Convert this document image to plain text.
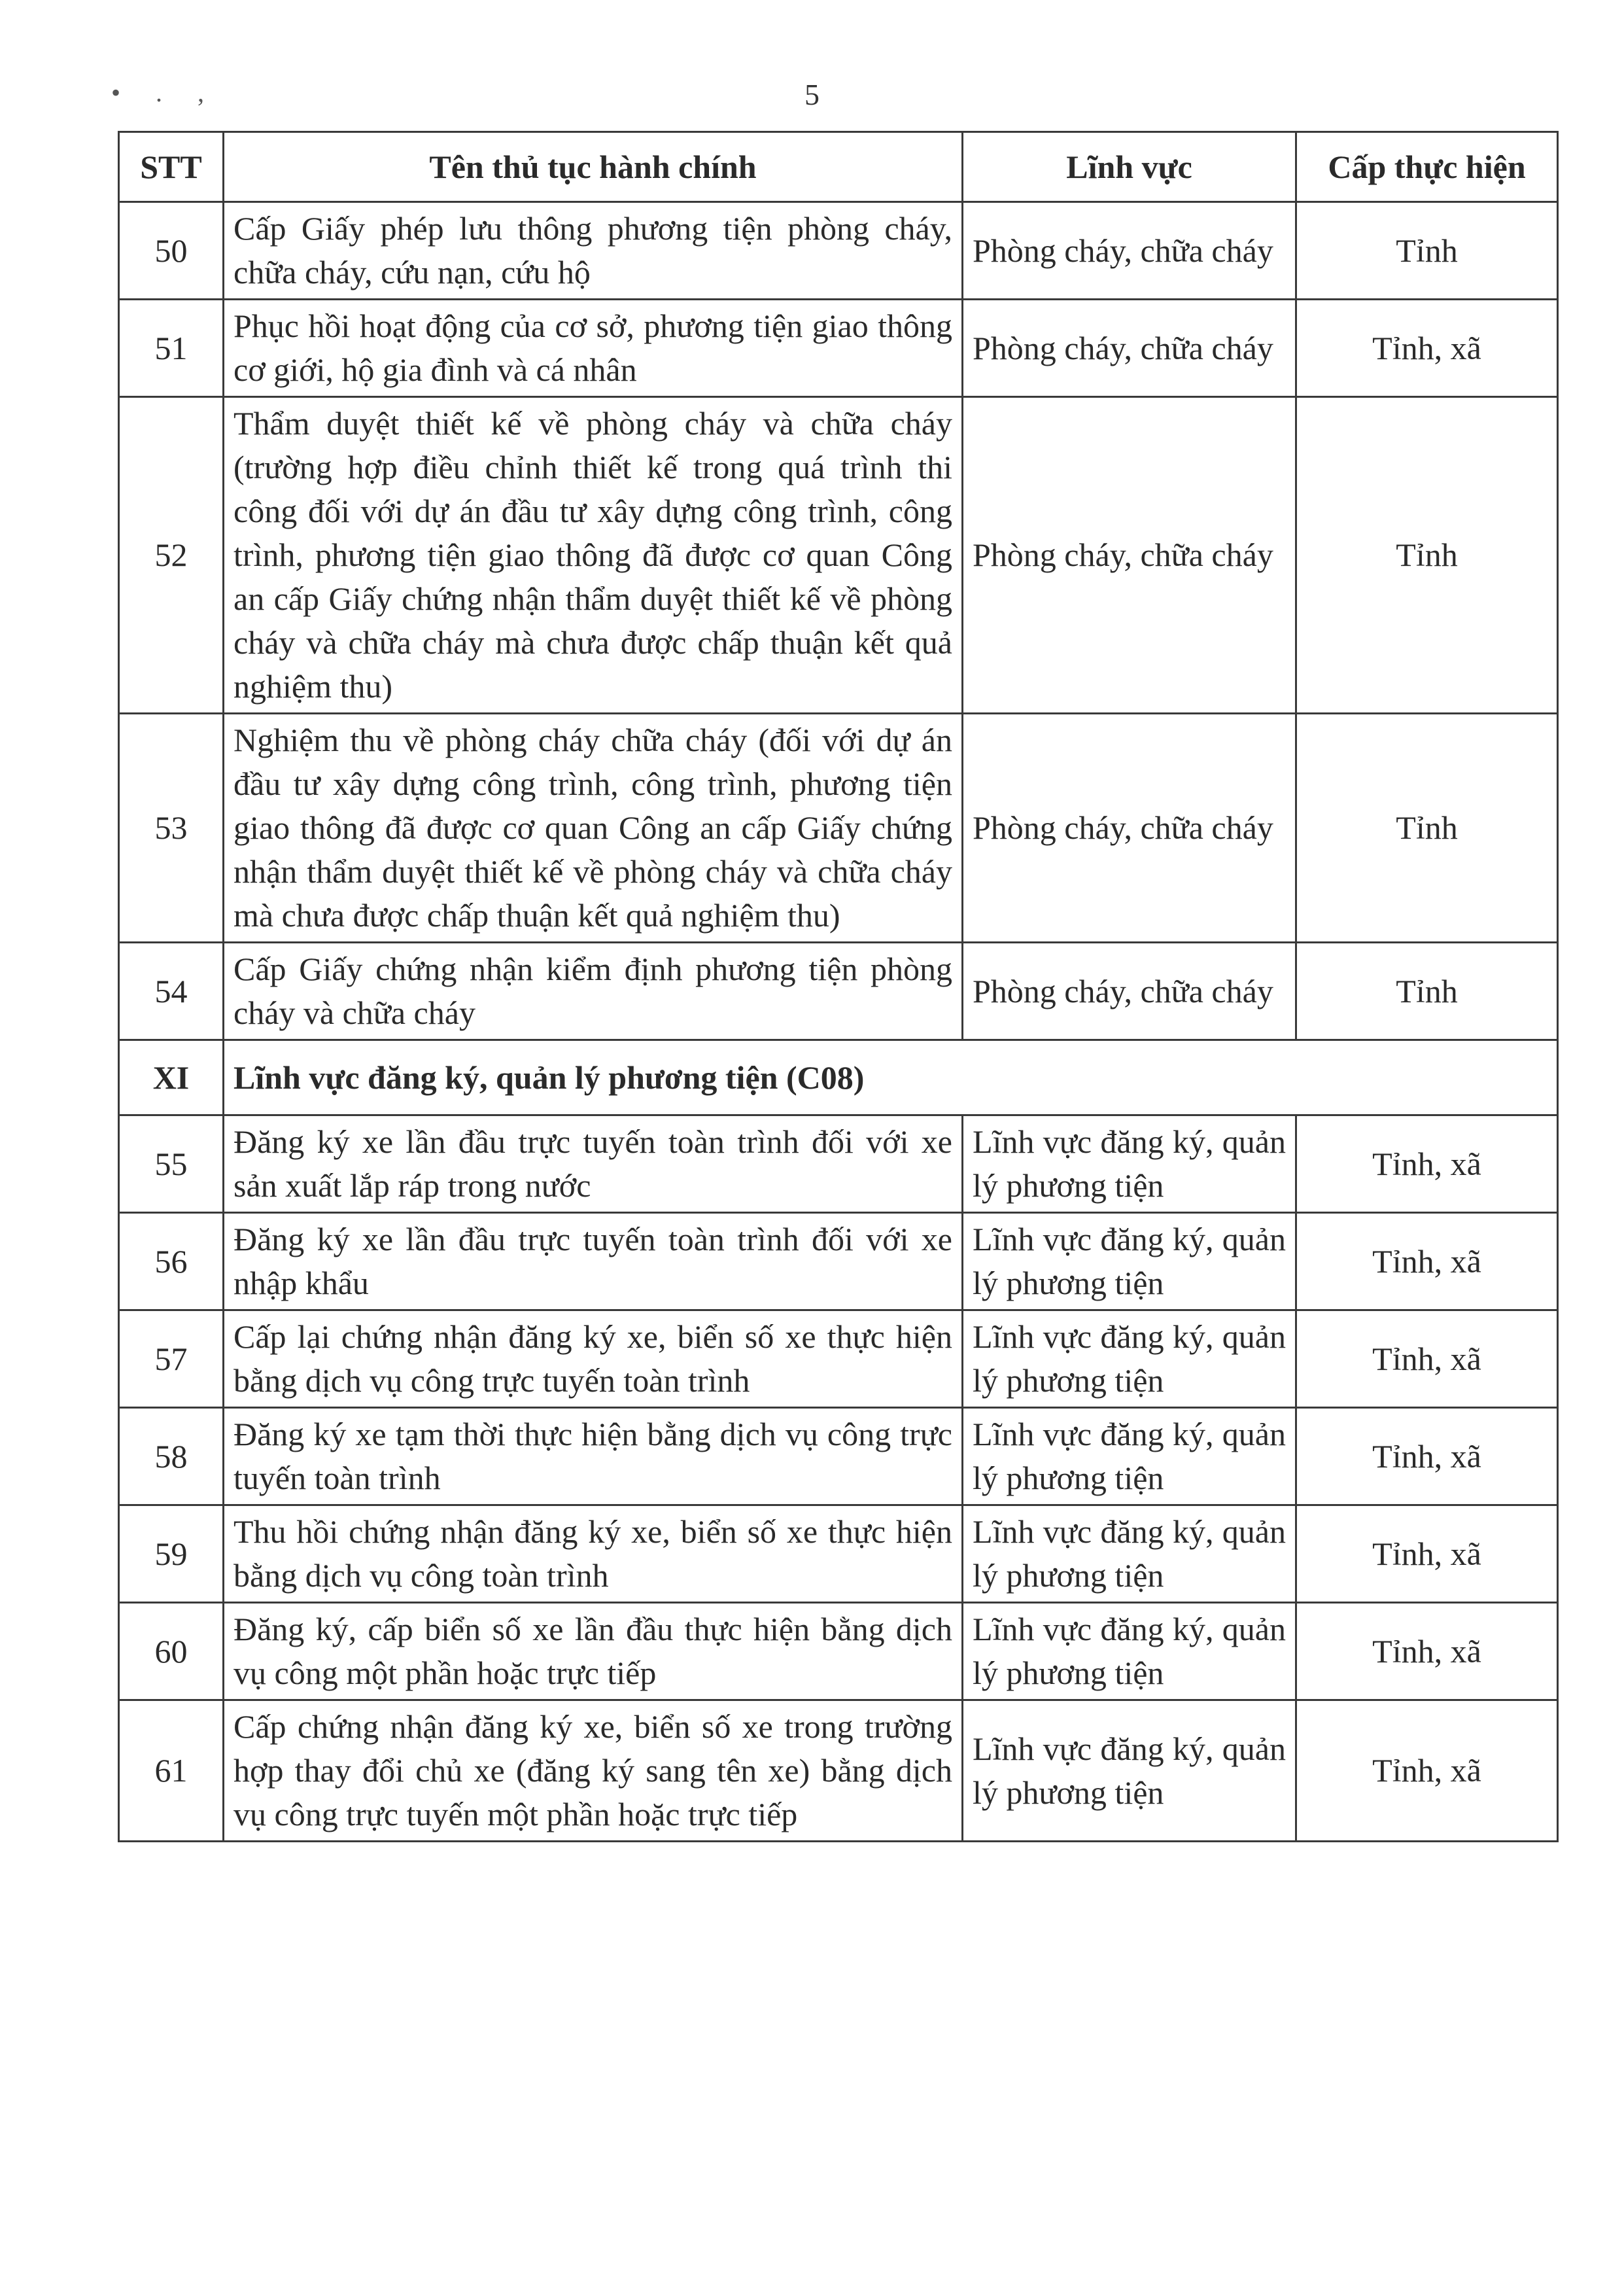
• . ,	5
STT	Tên thủ tục hành chính	Lĩnh vực	Cấp thực hiện
50	Cấp Giấy phép lưu thông phương tiện phòng cháy, chữa cháy, cứu nạn, cứu hộ	Phòng cháy, chữa cháy	Tỉnh
51	Phục hồi hoạt động của cơ sở, phương tiện giao thông cơ giới, hộ gia đình và cá nhân	Phòng cháy, chữa cháy	Tỉnh, xã
52	Thẩm duyệt thiết kế về phòng cháy và chữa cháy (trường hợp điều chỉnh thiết kế trong quá trình thi công đối với dự án đầu tư xây dựng công trình, công trình, phương tiện giao thông đã được cơ quan Công an cấp Giấy chứng nhận thẩm duyệt thiết kế về phòng cháy và chữa cháy mà chưa được chấp thuận kết quả nghiệm thu)	Phòng cháy, chữa cháy	Tỉnh
53	Nghiệm thu về phòng cháy chữa cháy (đối với dự án đầu tư xây dựng công trình, công trình, phương tiện giao thông đã được cơ quan Công an cấp Giấy chứng nhận thẩm duyệt thiết kế về phòng cháy và chữa cháy mà chưa được chấp thuận kết quả nghiệm thu)	Phòng cháy, chữa cháy	Tỉnh
54	Cấp Giấy chứng nhận kiểm định phương tiện phòng cháy và chữa cháy	Phòng cháy, chữa cháy	Tỉnh
XI	Lĩnh vực đăng ký, quản lý phương tiện (C08)		
55	Đăng ký xe lần đầu trực tuyến toàn trình đối với xe sản xuất lắp ráp trong nước	Lĩnh vực đăng ký, quản lý phương tiện	Tỉnh, xã
56	Đăng ký xe lần đầu trực tuyến toàn trình đối với xe nhập khẩu	Lĩnh vực đăng ký, quản lý phương tiện	Tỉnh, xã
57	Cấp lại chứng nhận đăng ký xe, biển số xe thực hiện bằng dịch vụ công trực tuyến toàn trình	Lĩnh vực đăng ký, quản lý phương tiện	Tỉnh, xã
58	Đăng ký xe tạm thời thực hiện bằng dịch vụ công trực tuyến toàn trình	Lĩnh vực đăng ký, quản lý phương tiện	Tỉnh, xã
59	Thu hồi chứng nhận đăng ký xe, biển số xe thực hiện bằng dịch vụ công toàn trình	Lĩnh vực đăng ký, quản lý phương tiện	Tỉnh, xã
60	Đăng ký, cấp biển số xe lần đầu thực hiện bằng dịch vụ công một phần hoặc trực tiếp	Lĩnh vực đăng ký, quản lý phương tiện	Tỉnh, xã
61	Cấp chứng nhận đăng ký xe, biển số xe trong trường hợp thay đổi chủ xe (đăng ký sang tên xe) bằng dịch vụ công trực tuyến một phần hoặc trực tiếp	Lĩnh vực đăng ký, quản lý phương tiện	Tỉnh, xã
